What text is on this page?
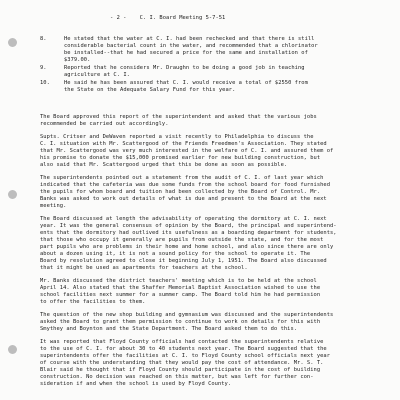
- 2 -    C. I. Board Meeting 5-7-51

8.	He stated that the water at C. I. had been rechecked and that there is still
considerable bacterial count in the water, and recommended that a chlorinator
be installed--that he had secured a price for the same and installation of
$379.00.
9.	Reported that he considers Mr. Draughn to be doing a good job in teaching
agriculture at C. I.
10.	He said he has been assured that C. I. would receive a total of $2550 from
the State on the Adequate Salary Fund for this year.

The Board approved this report of the superintendent and asked that the various jobs
recommended be carried out accordingly.
Supts. Critser and DeWaven reported a visit recently to Philadelphia to discuss the
C. I. situation with Mr. Scattergood of the Friends Freedmen's Association. They stated
that Mr. Scattergood was very much interested in the welfare of C. I. and assured them of
his promise to donate the $15,000 promised earlier for new building construction, but
also said that Mr. Scattergood urged that this be done as soon as possible.
The superintendents pointed out a statement from the audit of C. I. of last year which
indicated that the cafeteria was due some funds from the school board for food furnished
the pupils for whom board and tuition had been collected by the Board of Control. Mr.
Banks was asked to work out details of what is due and present to the Board at the next
meeting.
The Board discussed at length the advisability of operating the dormitory at C. I. next
year. It was the general consensus of opinion by the Board, the principal and superintend-
ents that the dormitory had outlived its usefulness as a boarding department for students,
that those who occupy it generally are pupils from outside the state, and for the most
part pupils who are problems in their home and home school, and also since there are only
about a dozen using it, it is not a sound policy for the school to operate it. The
Board by resolution agreed to close it beginning July 1, 1951. The Board also discussed
that it might be used as apartments for teachers at the school.
Mr. Banks discussed the district teachers' meeting which is to be held at the school
April 14. Also stated that the Shaffer Memorial Baptist Association wished to use the
school facilities next summer for a summer camp. The Board told him he had permission
to offer the facilities to them.
The question of the new shop building and gymnasium was discussed and the superintendents
asked the Board to grant them permission to continue to work on details for this with
Smythey and Boynton and the State Department. The Board asked them to do this.
It was reported that Floyd County officials had contacted the superintendents relative
to the use of C. I. for about 30 to 40 students next year. The Board suggested that the
superintendents offer the facilities at C. I. to Floyd County school officials next year
of course with the understanding that they would pay the cost of attendance. Mr. S. T.
Blair said he thought that if Floyd County should participate in the cost of building
construction. No decision was reached on this matter, but was left for further con-
sideration if and when the school is used by Floyd County.
